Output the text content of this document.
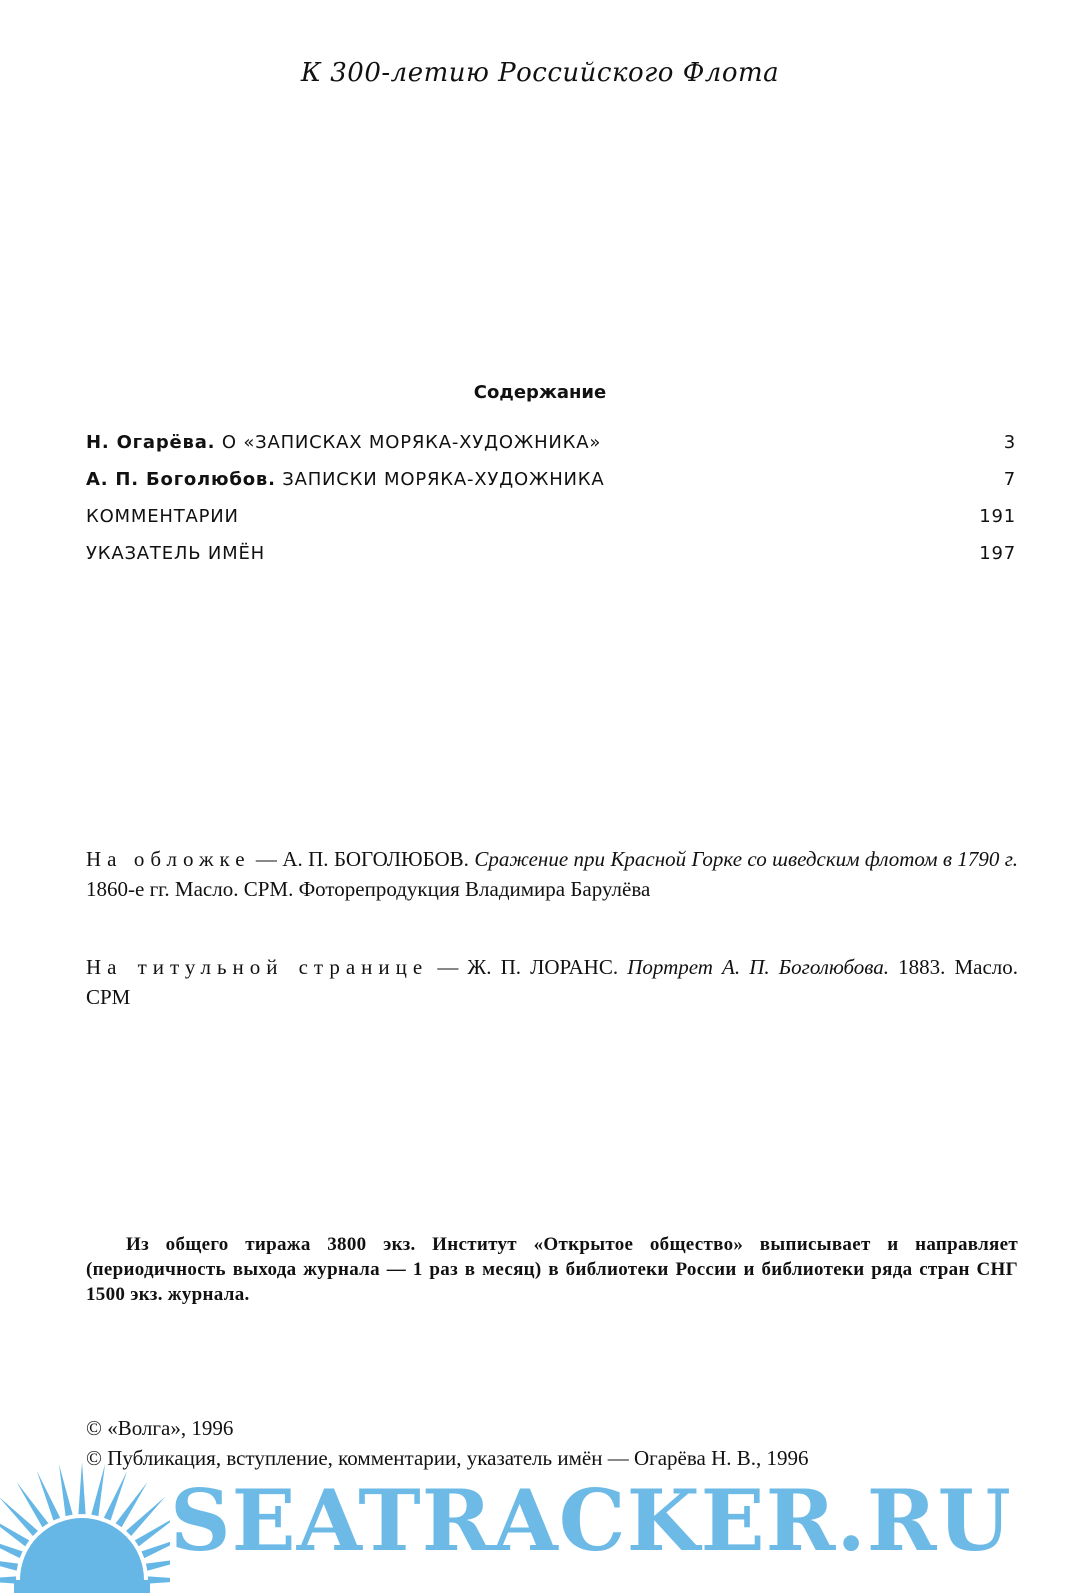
К 300-летию Российского Флота
Содержание
Н. Огарёва. О «ЗАПИСКАХ МОРЯКА-ХУДОЖНИКА»	3
А. П. Боголюбов. ЗАПИСКИ МОРЯКА-ХУДОЖНИКА	7
КОММЕНТАРИИ	191
УКАЗАТЕЛЬ ИМЁН	197
На обложке — А. П. БОГОЛЮБОВ. Сражение при Красной Горке со шведским флотом в 1790 г. 1860-е гг. Масло. СРМ. Фоторепродукция Владимира Барулёва
На титульной странице — Ж. П. ЛОРАНС. Портрет А. П. Боголюбова. 1883. Масло. СРМ
Из общего тиража 3800 экз. Институт «Открытое общество» выписывает и направляет (периодичность выхода журнала — 1 раз в месяц) в библиотеки России и библиотеки ряда стран СНГ 1500 экз. журнала.
© «Волга», 1996
© Публикация, вступление, комментарии, указатель имён — Огарёва Н. В., 1996
SEATRACKER.RU
